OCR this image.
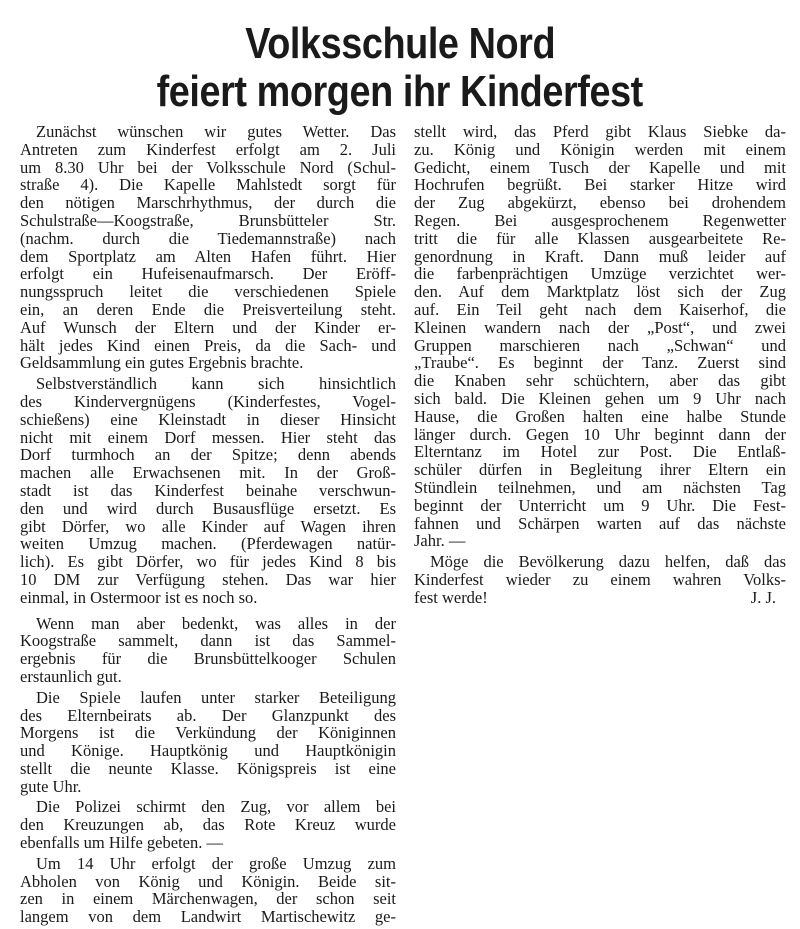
Volksschule Nord
feiert morgen ihr Kinderfest
Zunächst wünschen wir gutes Wetter. Das
Antreten zum Kinderfest erfolgt am 2. Juli
um 8.30 Uhr bei der Volksschule Nord (Schul-
straße 4). Die Kapelle Mahlstedt sorgt für
den nötigen Marschrhythmus, der durch die
Schulstraße—Koogstraße, Brunsbütteler Str.
(nachm. durch die Tiedemannstraße) nach
dem Sportplatz am Alten Hafen führt. Hier
erfolgt ein Hufeisenaufmarsch. Der Eröff-
nungsspruch leitet die verschiedenen Spiele
ein, an deren Ende die Preisverteilung steht.
Auf Wunsch der Eltern und der Kinder er-
hält jedes Kind einen Preis, da die Sach- und
Geldsammlung ein gutes Ergebnis brachte.
Selbstverständlich kann sich hinsichtlich
des Kindervergnügens (Kinderfestes, Vogel-
schießens) eine Kleinstadt in dieser Hinsicht
nicht mit einem Dorf messen. Hier steht das
Dorf turmhoch an der Spitze; denn abends
machen alle Erwachsenen mit. In der Groß-
stadt ist das Kinderfest beinahe verschwun-
den und wird durch Busausflüge ersetzt. Es
gibt Dörfer, wo alle Kinder auf Wagen ihren
weiten Umzug machen. (Pferdewagen natür-
lich). Es gibt Dörfer, wo für jedes Kind 8 bis
10 DM zur Verfügung stehen. Das war hier
einmal, in Ostermoor ist es noch so.
Wenn man aber bedenkt, was alles in der
Koogstraße sammelt, dann ist das Sammel-
ergebnis für die Brunsbüttelkooger Schulen
erstaunlich gut.
Die Spiele laufen unter starker Beteiligung
des Elternbeirats ab. Der Glanzpunkt des
Morgens ist die Verkündung der Königinnen
und Könige. Hauptkönig und Hauptkönigin
stellt die neunte Klasse. Königspreis ist eine
gute Uhr.
Die Polizei schirmt den Zug, vor allem bei
den Kreuzungen ab, das Rote Kreuz wurde
ebenfalls um Hilfe gebeten. —
Um 14 Uhr erfolgt der große Umzug zum
Abholen von König und Königin. Beide sit-
zen in einem Märchenwagen, der schon seit
langem von dem Landwirt Martischewitz ge-
stellt wird, das Pferd gibt Klaus Siebke da-
zu. König und Königin werden mit einem
Gedicht, einem Tusch der Kapelle und mit
Hochrufen begrüßt. Bei starker Hitze wird
der Zug abgekürzt, ebenso bei drohendem
Regen. Bei ausgesprochenem Regenwetter
tritt die für alle Klassen ausgearbeitete Re-
genordnung in Kraft. Dann muß leider auf
die farbenprächtigen Umzüge verzichtet wer-
den. Auf dem Marktplatz löst sich der Zug
auf. Ein Teil geht nach dem Kaiserhof, die
Kleinen wandern nach der „Post“, und zwei
Gruppen marschieren nach „Schwan“ und
„Traube“. Es beginnt der Tanz. Zuerst sind
die Knaben sehr schüchtern, aber das gibt
sich bald. Die Kleinen gehen um 9 Uhr nach
Hause, die Großen halten eine halbe Stunde
länger durch. Gegen 10 Uhr beginnt dann der
Elterntanz im Hotel zur Post. Die Entlaß-
schüler dürfen in Begleitung ihrer Eltern ein
Stündlein teilnehmen, und am nächsten Tag
beginnt der Unterricht um 9 Uhr. Die Fest-
fahnen und Schärpen warten auf das nächste
Jahr. —
Möge die Bevölkerung dazu helfen, daß das
Kinderfest wieder zu einem wahren Volks-
fest werde!	J. J.
